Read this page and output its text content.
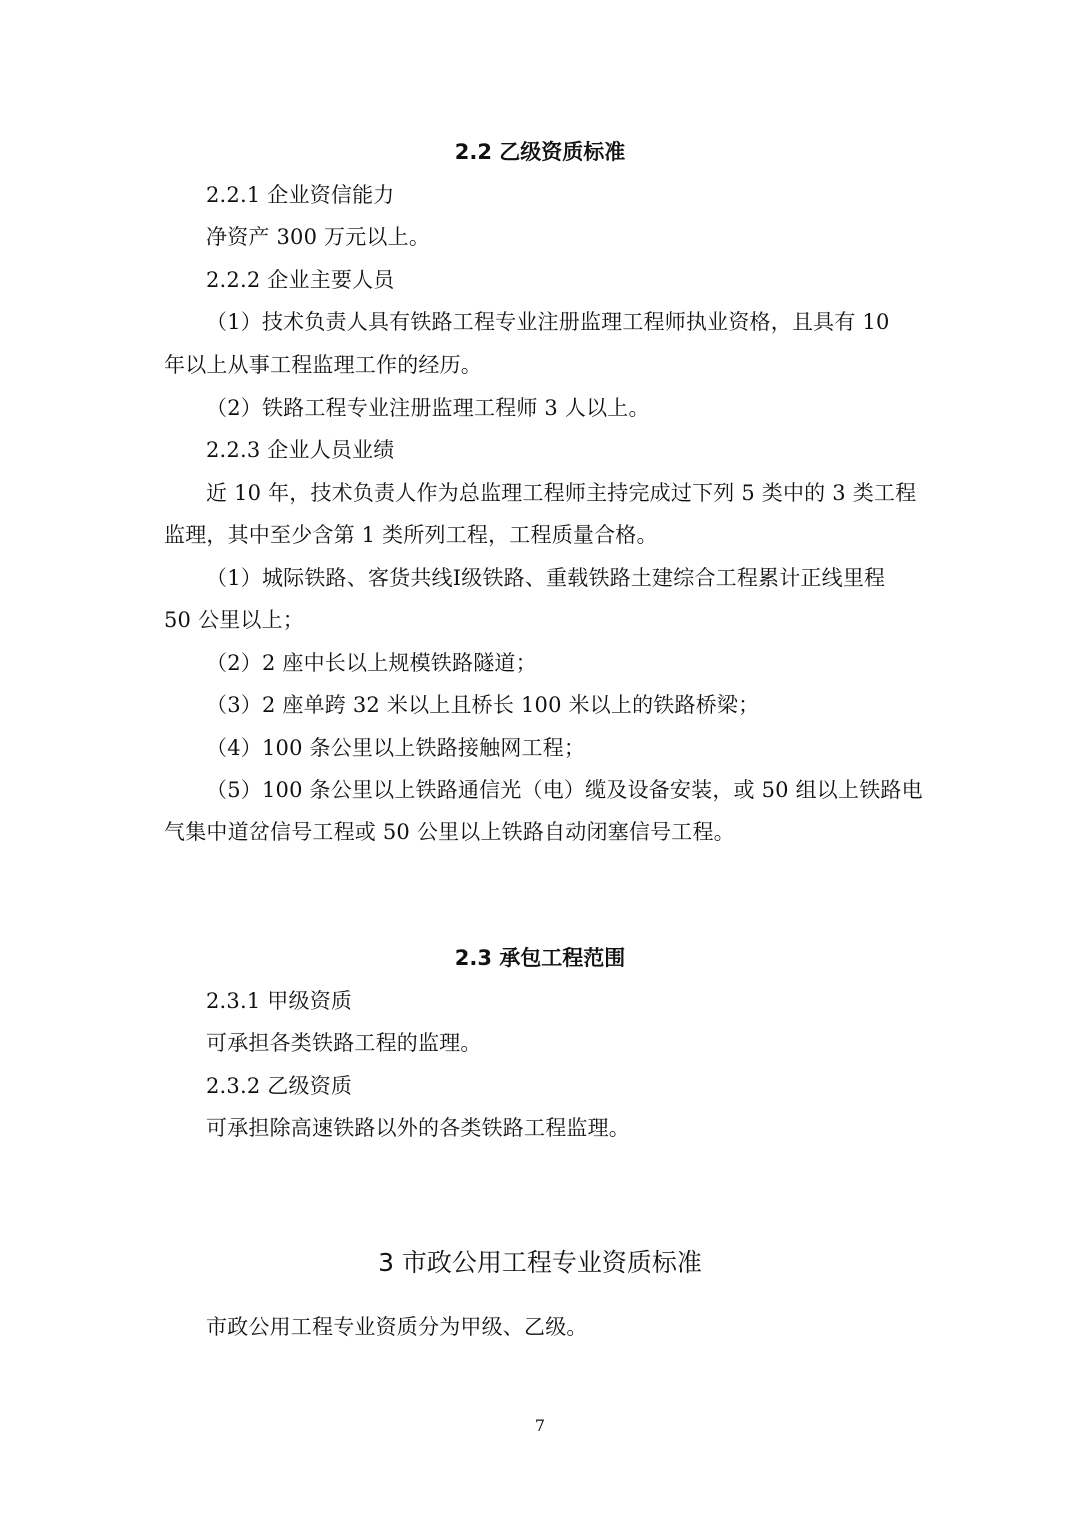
2.2 乙级资质标准
2.2.1 企业资信能力
净资产 300 万元以上。
2.2.2 企业主要人员
（1）技术负责人具有铁路工程专业注册监理工程师执业资格，且具有 10
年以上从事工程监理工作的经历。
（2）铁路工程专业注册监理工程师 3 人以上。
2.2.3 企业人员业绩
近 10 年，技术负责人作为总监理工程师主持完成过下列 5 类中的 3 类工程
监理，其中至少含第 1 类所列工程，工程质量合格。
（1）城际铁路、客货共线Ⅰ级铁路、重载铁路土建综合工程累计正线里程
50 公里以上；
（2）2 座中长以上规模铁路隧道；
（3）2 座单跨 32 米以上且桥长 100 米以上的铁路桥梁；
（4）100 条公里以上铁路接触网工程；
（5）100 条公里以上铁路通信光（电）缆及设备安装，或 50 组以上铁路电
气集中道岔信号工程或 50 公里以上铁路自动闭塞信号工程。
2.3 承包工程范围
2.3.1 甲级资质
可承担各类铁路工程的监理。
2.3.2 乙级资质
可承担除高速铁路以外的各类铁路工程监理。
3 市政公用工程专业资质标准
市政公用工程专业资质分为甲级、乙级。
7
